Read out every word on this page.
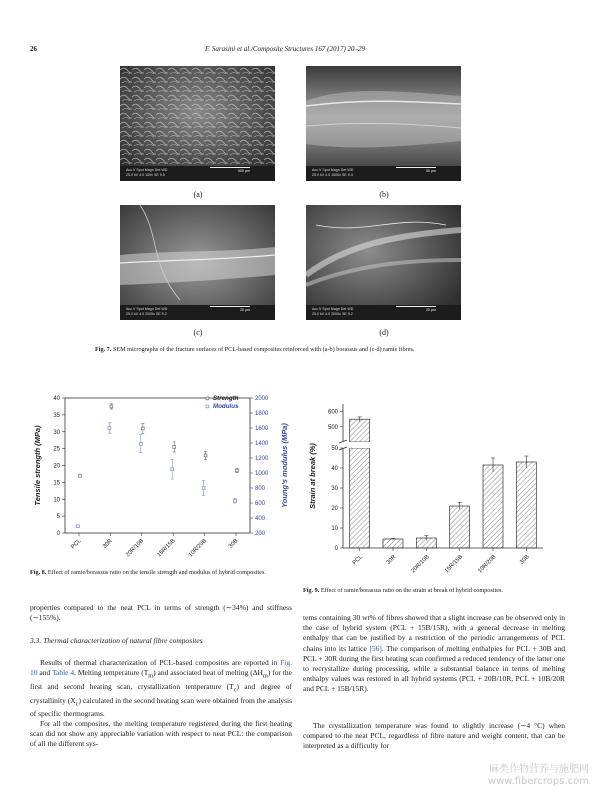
26	F. Sarasini et al./Composite Structures 167 (2017) 20–29
Acc.V Spot Magn Det WD
25.0 kV 4.0 100x SE 9.5
500 μm	Acc.V Spot Magn Det WD
25.0 kV 4.0 1000x SE 9.4
50 μm
Acc.V Spot Magn Det WD
25.0 kV 4.0 2000x SE 9.2
20 μm	Acc.V Spot Magn Det WD
25.0 kV 4.0 2000x SE 9.2
20 μm
(a)	(b)
(c)	(d)
Fig. 7. SEM micrographs of the fracture surfaces of PCL-based composites reinforced with (a-b) borassus and (c-d) ramie fibres.
0
5
10
15
20
25
30
35
40
200
400
600
800
1000
1200
1400
1600
1800
2000
PCL	30R 20R/10B 15R/15B 10R/20B	30B
Tensile strength (MPa)	Young's modulus (MPa)
Strength
Modulus
Fig. 8. Effect of ramie/borassus ratio on the tensile strength and modulus of hybrid composites.
0
10
20
30
40
50
500
600
Strain at break (%)
PCL	30R 20R/10B 15R/15B 10R/20B	30B
Fig. 9. Effect of ramie/borassus ratio on the strain at break of hybrid composites.
properties compared to the neat PCL in terms of strength (∼34%) and stiffness (∼155%).
3.3. Thermal characterization of natural fibre composites
Results of thermal characterization of PCL-based composites are reported in Fig. 10 and Table 4. Melting temperature $(T_m)$ and associated heat of melting $(\Delta H_m)$ for the first and second heating scan, crystallization temperature $(T_c)$ and degree of crystallinity $(X_c)$ calculated in the second heating scan were obtained from the analysis of specific thermograms.
For all the composites, the melting temperature registered during the first heating scan did not show any appreciable variation with respect to neat PCL: the comparison of all the different sys-
tems containing 30 wt% of fibres showed that a slight increase can be observed only in the case of hybrid system (PCL + 15B/15R), with a general decrease in melting enthalpy that can be justified by a restriction of the periodic arrangements of PCL chains into its lattice [56]. The comparison of melting enthalpies for PCL + 30B and PCL + 30R during the first heating scan confirmed a reduced tendency of the latter one to recrystallize during processing, while a substantial balance in terms of melting enthalpy values was restored in all hybrid systems (PCL + 20B/10R, PCL + 10B/20R and PCL + 15B/15R).
The crystallization temperature was found to slightly increase (∼4 °C) when compared to the neat PCL, regardless of fibre nature and weight content, that can be interpreted as a difficulty for
麻类作物营养与施肥网
www.fibercrops.com
